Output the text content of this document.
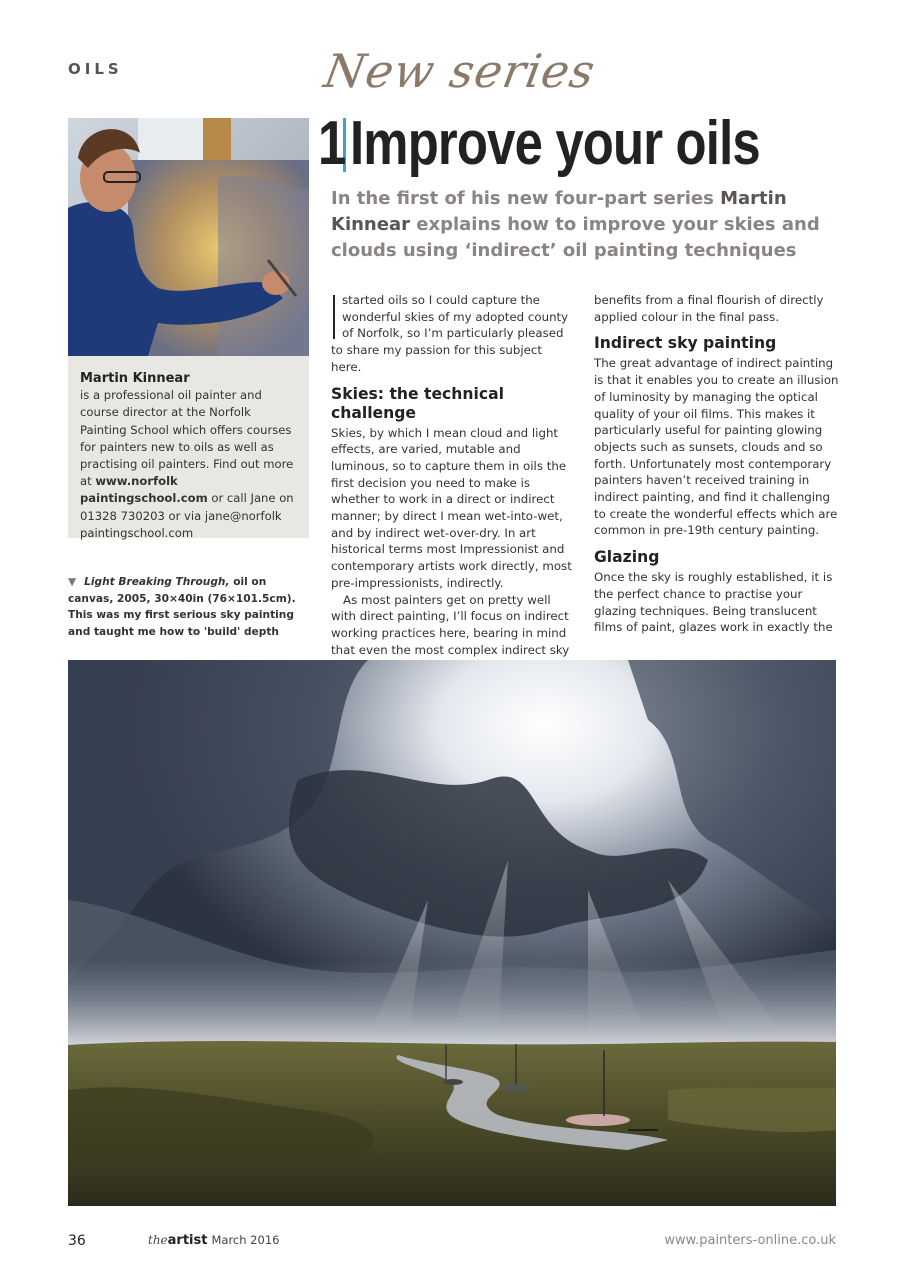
OILS	New series
1Improve your oils
In the first of his new four-part series Martin Kinnear explains how to improve your skies and clouds using ‘indirect’ oil painting techniques
Martin Kinnear
is a professional oil painter and course director at the Norfolk Painting School which offers courses for painters new to oils as well as practising oil painters. Find out more at www.norfolk paintingschool.com or call Jane on 01328 730203 or via jane@norfolk paintingschool.com
▼ Light Breaking Through, oil on canvas, 2005, 30×40in (76×101.5cm). This was my first serious sky painting and taught me how to 'build' depth

started oils so I could capture the wonderful skies of my adopted county of Norfolk, so I’m particularly pleased to share my passion for this subject here.

Skies: the technical challenge

Skies, by which I mean cloud and light effects, are varied, mutable and luminous, so to capture them in oils the first decision you need to make is whether to work in a direct or indirect manner; by direct I mean wet-into-wet, and by indirect wet-over-dry. In art historical terms most Impressionist and contemporary artists work directly, most pre-impressionists, indirectly.

As most painters get on pretty well with direct painting, I’ll focus on indirect working practices here, bearing in mind that even the most complex indirect sky

benefits from a final flourish of directly applied colour in the final pass.

Indirect sky painting

The great advantage of indirect painting is that it enables you to create an illusion of luminosity by managing the optical quality of your oil films. This makes it particularly useful for painting glowing objects such as sunsets, clouds and so forth. Unfortunately most contemporary painters haven’t received training in indirect painting, and find it challenging to create the wonderful effects which are common in pre-19th century painting.

Glazing

Once the sky is roughly established, it is the perfect chance to practise your glazing techniques. Being translucent films of paint, glazes work in exactly the

36	theartist March 2016	www.painters-online.co.uk
